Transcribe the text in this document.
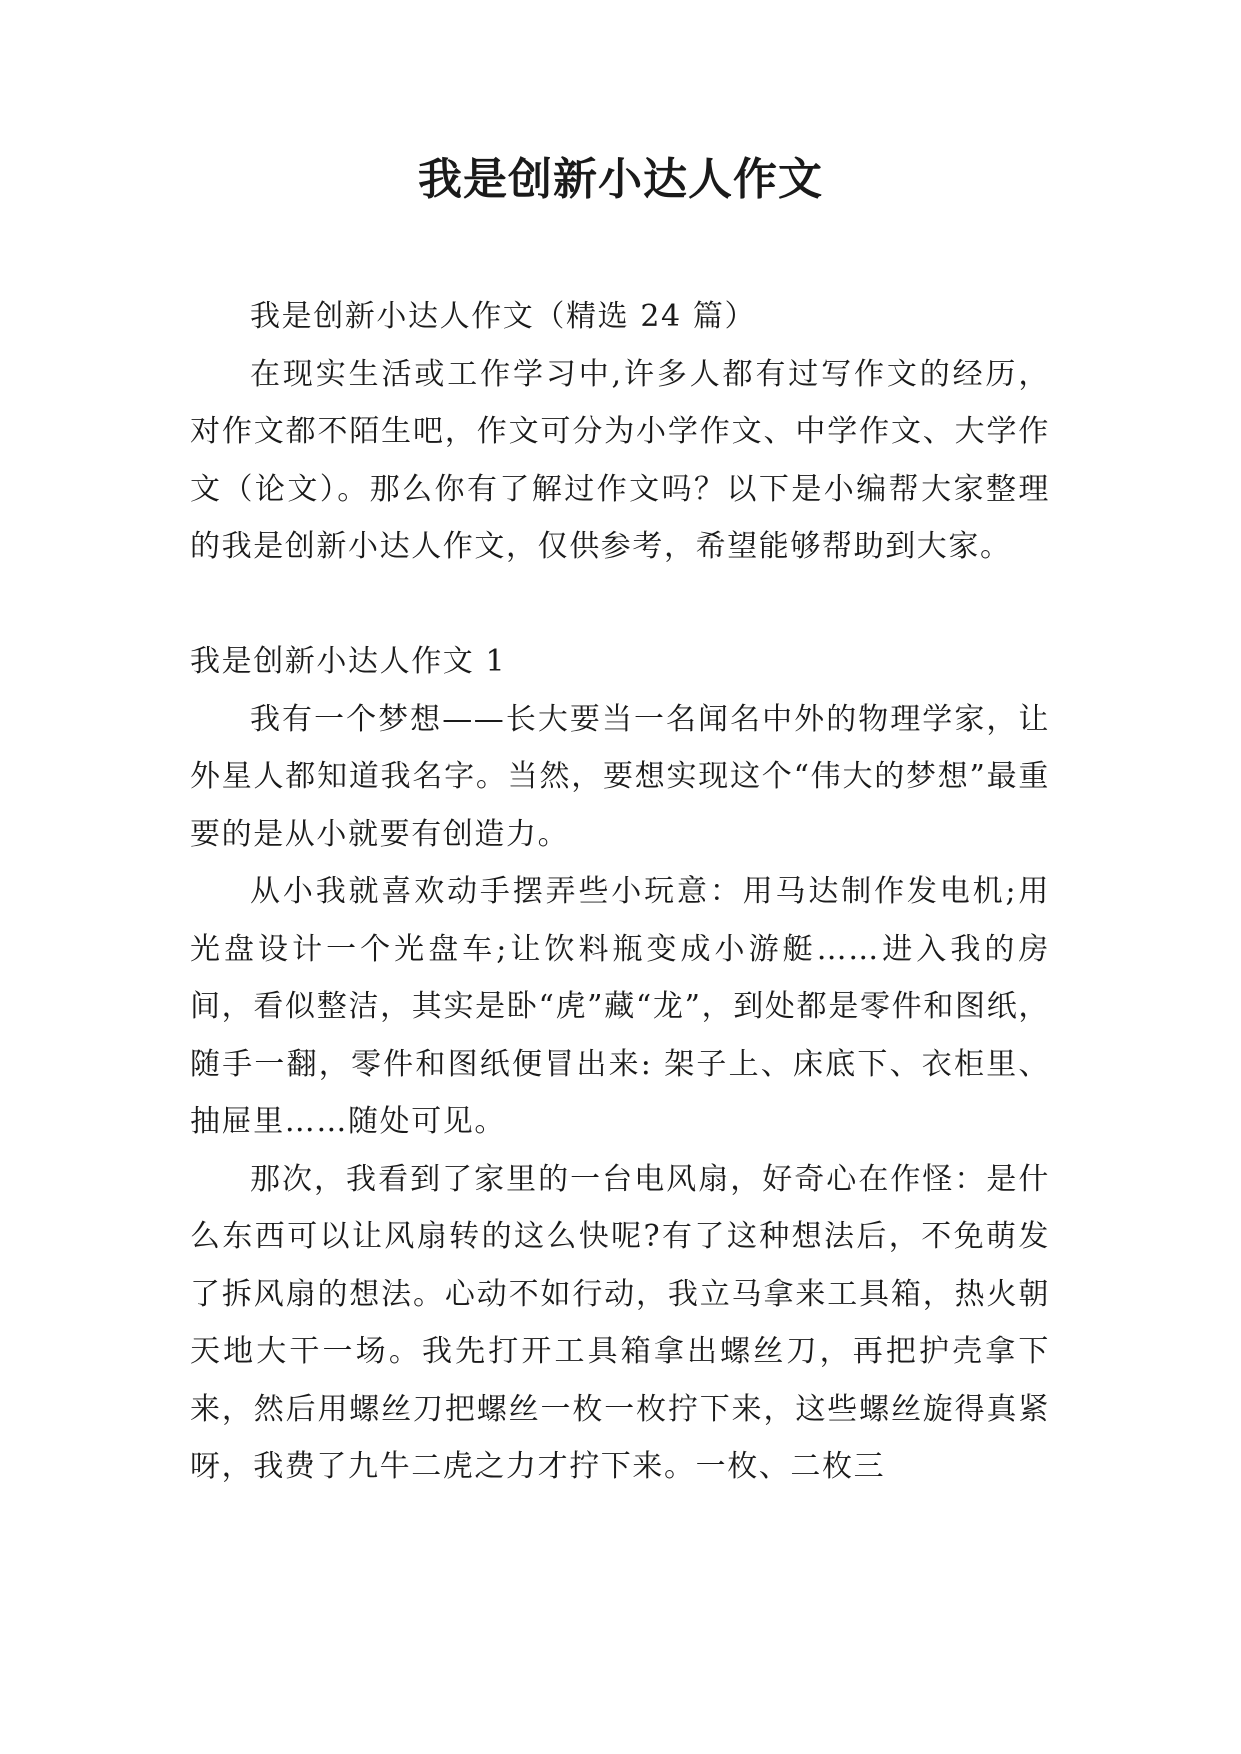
我是创新小达人作文

我是创新小达人作文（精选 24 篇）

在现实生活或工作学习中,许多人都有过写作文的经历，对作文都不陌生吧，作文可分为小学作文、中学作文、大学作文（论文）。那么你有了解过作文吗？以下是小编帮大家整理的我是创新小达人作文，仅供参考，希望能够帮助到大家。

我是创新小达人作文 1

我有一个梦想——长大要当一名闻名中外的物理学家，让外星人都知道我名字。当然，要想实现这个“伟大的梦想”最重要的是从小就要有创造力。

从小我就喜欢动手摆弄些小玩意：用马达制作发电机;用光盘设计一个光盘车;让饮料瓶变成小游艇……进入我的房间，看似整洁，其实是卧“虎”藏“龙”，到处都是零件和图纸，随手一翻，零件和图纸便冒出来: 架子上、床底下、衣柜里、抽屉里……随处可见。

那次，我看到了家里的一台电风扇，好奇心在作怪：是什么东西可以让风扇转的这么快呢?有了这种想法后，不免萌发了拆风扇的想法。心动不如行动，我立马拿来工具箱，热火朝天地大干一场。我先打开工具箱拿出螺丝刀，再把护壳拿下来，然后用螺丝刀把螺丝一枚一枚拧下来，这些螺丝旋得真紧呀，我费了九牛二虎之力才拧下来。一枚、二枚三
